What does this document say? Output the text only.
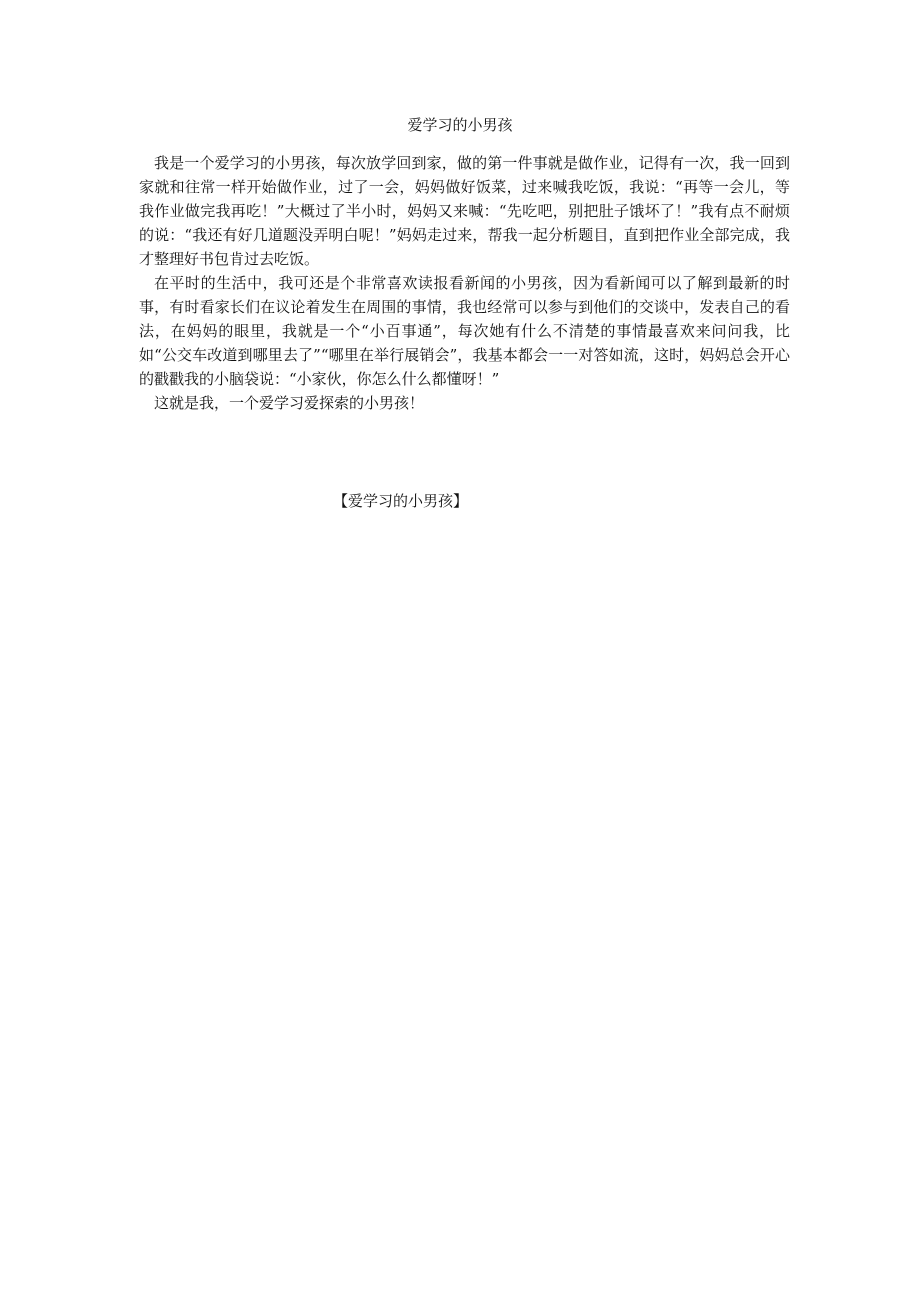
爱学习的小男孩

我是一个爱学习的小男孩，每次放学回到家，做的第一件事就是做作业，记得有一次，我一回到家就和往常一样开始做作业，过了一会，妈妈做好饭菜，过来喊我吃饭，我说：“再等一会儿，等我作业做完我再吃！”大概过了半小时，妈妈又来喊：“先吃吧，别把肚子饿坏了！”我有点不耐烦的说：“我还有好几道题没弄明白呢！”妈妈走过来，帮我一起分析题目，直到把作业全部完成，我才整理好书包肯过去吃饭。

在平时的生活中，我可还是个非常喜欢读报看新闻的小男孩，因为看新闻可以了解到最新的时事，有时看家长们在议论着发生在周围的事情，我也经常可以参与到他们的交谈中，发表自己的看法，在妈妈的眼里，我就是一个“小百事通”，每次她有什么不清楚的事情最喜欢来问问我，比如“公交车改道到哪里去了”“哪里在举行展销会”，我基本都会一一对答如流，这时，妈妈总会开心的戳戳我的小脑袋说：“小家伙，你怎么什么都懂呀！”

这就是我，一个爱学习爱探索的小男孩！

【爱学习的小男孩】
